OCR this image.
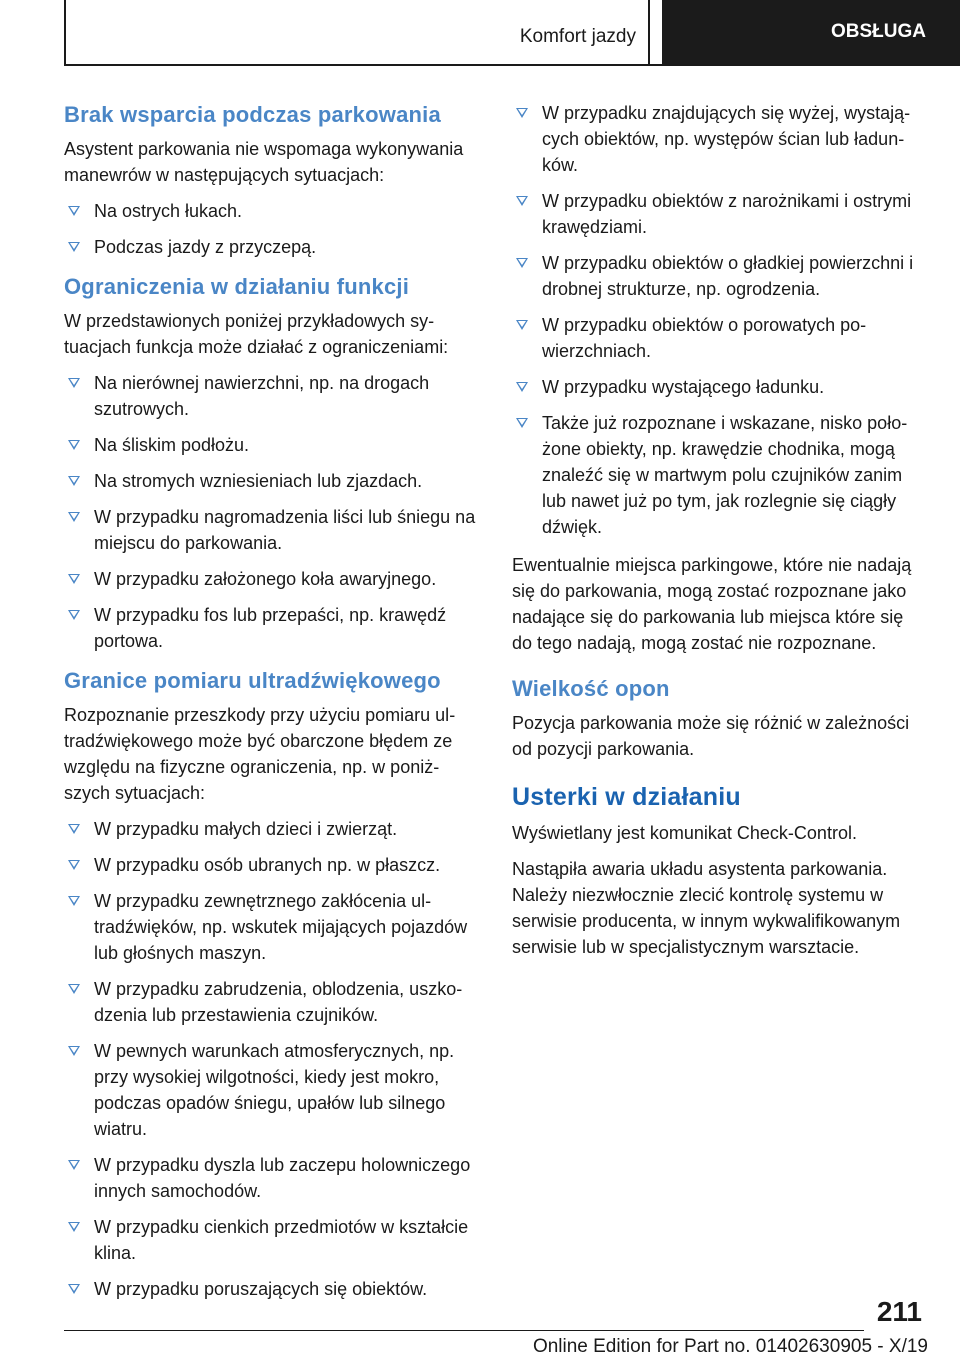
Komfort jazdy	OBSŁUGA
Brak wsparcia podczas parkowania

Asystent parkowania nie wspomaga wykonywania manewrów w następujących sytuacjach:

Na ostrych łukach.
Podczas jazdy z przyczepą.
Ograniczenia w działaniu funkcji

W przedstawionych poniżej przykładowych sytuacjach funkcja może działać z ograniczeniami:

Na nierównej nawierzchni, np. na drogach szutrowych.
Na śliskim podłożu.
Na stromych wzniesieniach lub zjazdach.
W przypadku nagromadzenia liści lub śniegu na miejscu do parkowania.
W przypadku założonego koła awaryjnego.
W przypadku fos lub przepaści, np. krawędź portowa.
Granice pomiaru ultradźwiękowego

Rozpoznanie przeszkody przy użyciu pomiaru ultradźwiękowego może być obarczone błędem ze względu na fizyczne ograniczenia, np. w poniższych sytuacjach:

W przypadku małych dzieci i zwierząt.
W przypadku osób ubranych np. w płaszcz.
W przypadku zewnętrznego zakłócenia ultradźwięków, np. wskutek mijających pojazdów lub głośnych maszyn.
W przypadku zabrudzenia, oblodzenia, uszkodzenia lub przestawienia czujników.
W pewnych warunkach atmosferycznych, np. przy wysokiej wilgotności, kiedy jest mokro, podczas opadów śniegu, upałów lub silnego wiatru.
W przypadku dyszla lub zaczepu holowniczego innych samochodów.
W przypadku cienkich przedmiotów w kształcie klina.
W przypadku poruszających się obiektów.
W przypadku znajdujących się wyżej, wystających obiektów, np. występów ścian lub ładunków.
W przypadku obiektów z narożnikami i ostrymi krawędziami.
W przypadku obiektów o gładkiej powierzchni i drobnej strukturze, np. ogrodzenia.
W przypadku obiektów o porowatych powierzchniach.
W przypadku wystającego ładunku.
Także już rozpoznane i wskazane, nisko położone obiekty, np. krawędzie chodnika, mogą znaleźć się w martwym polu czujników zanim lub nawet już po tym, jak rozlegnie się ciągły dźwięk.

Ewentualnie miejsca parkingowe, które nie nadają się do parkowania, mogą zostać rozpoznane jako nadające się do parkowania lub miejsca które się do tego nadają, mogą zostać nie rozpoznane.

Wielkość opon

Pozycja parkowania może się różnić w zależności od pozycji parkowania.

Usterki w działaniu

Wyświetlany jest komunikat Check-Control.

Nastąpiła awaria układu asystenta parkowania. Należy niezwłocznie zlecić kontrolę systemu w serwisie producenta, w innym wykwalifikowanym serwisie lub w specjalistycznym warsztacie.

211
Online Edition for Part no. 01402630905 - X/19
